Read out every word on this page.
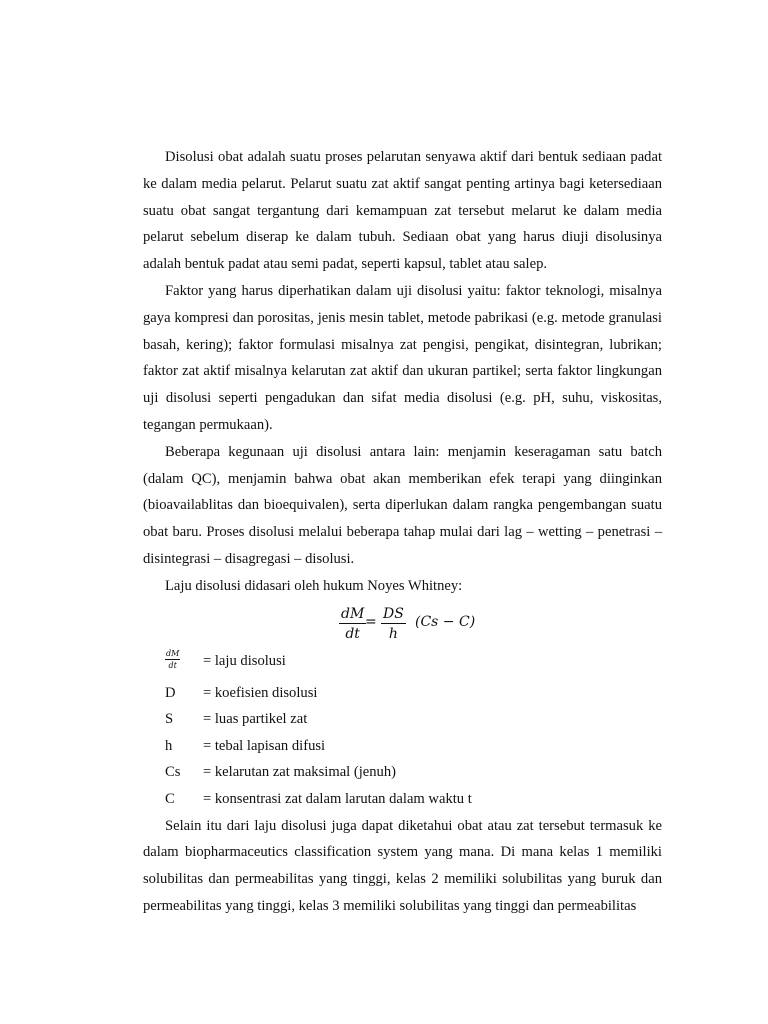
Disolusi obat adalah suatu proses pelarutan senyawa aktif dari bentuk sediaan padat ke dalam media pelarut. Pelarut suatu zat aktif sangat penting artinya bagi ketersediaan suatu obat sangat tergantung dari kemampuan zat tersebut melarut ke dalam media pelarut sebelum diserap ke dalam tubuh. Sediaan obat yang harus diuji disolusinya adalah bentuk padat atau semi padat, seperti kapsul, tablet atau salep.

Faktor yang harus diperhatikan dalam uji disolusi yaitu: faktor teknologi, misalnya gaya kompresi dan porositas, jenis mesin tablet, metode pabrikasi (e.g. metode granulasi basah, kering); faktor formulasi misalnya zat pengisi, pengikat, disintegran, lubrikan; faktor zat aktif misalnya kelarutan zat aktif dan ukuran partikel; serta faktor lingkungan uji disolusi seperti pengadukan dan sifat media disolusi (e.g. pH, suhu, viskositas, tegangan permukaan).

Beberapa kegunaan uji disolusi antara lain: menjamin keseragaman satu batch (dalam QC), menjamin bahwa obat akan memberikan efek terapi yang diinginkan (bioavailablitas dan bioequivalen), serta diperlukan dalam rangka pengembangan suatu obat baru. Proses disolusi melalui beberapa tahap mulai dari lag – wetting – penetrasi – disintegrasi – disagregasi – disolusi.

Laju disolusi didasari oleh hukum Noyes Whitney:

$\frac{dM}{dt}$
= $\frac{DS}{h} (Cs - C)$
$\frac{dM}{dt}$ = laju disolusi
D = koefisien disolusi
S = luas partikel zat
h = tebal lapisan difusi
Cs = kelarutan zat maksimal (jenuh)
C = konsentrasi zat dalam larutan dalam waktu t

Selain itu dari laju disolusi juga dapat diketahui obat atau zat tersebut termasuk ke dalam biopharmaceutics classification system yang mana. Di mana kelas 1 memiliki solubilitas dan permeabilitas yang tinggi, kelas 2 memiliki solubilitas yang buruk dan permeabilitas yang tinggi, kelas 3 memiliki solubilitas yang tinggi dan permeabilitas
